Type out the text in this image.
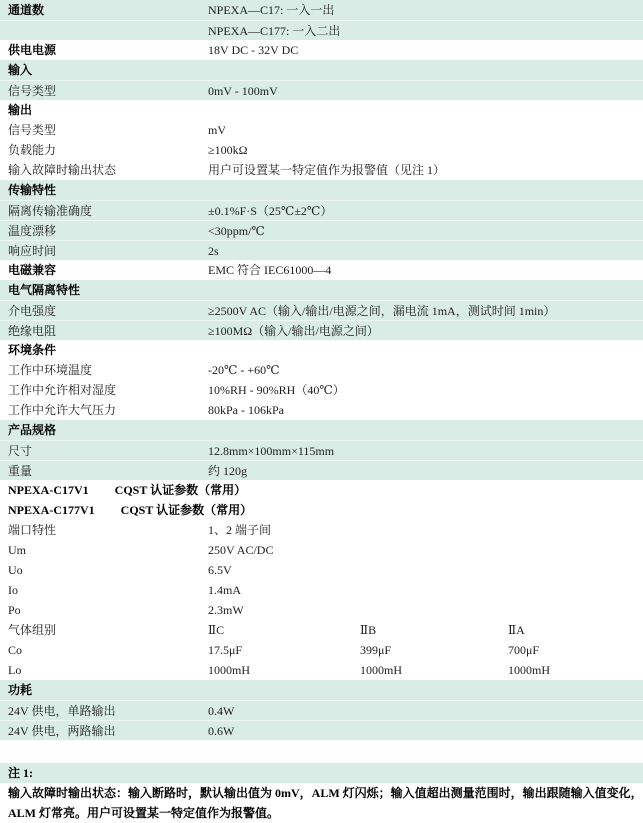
通道数	NPEXA—C17: 一入一出
NPEXA—C177: 一入二出
供电电源	18V DC - 32V DC
输入
信号类型	0mV - 100mV
输出
信号类型	mV
负载能力	≥100kΩ
输入故障时输出状态	用户可设置某一特定值作为报警值（见注 1）
传输特性
隔离传输准确度	±0.1%F·S（25℃±2℃）
温度漂移	<30ppm/℃
响应时间	2s
电磁兼容	EMC 符合 IEC61000—4
电气隔离特性
介电强度	≥2500V AC（输入/输出/电源之间，漏电流 1mA，测试时间 1min）
绝缘电阻	≥100MΩ（输入/输出/电源之间）
环境条件
工作中环境温度	-20℃ - +60℃
工作中允许相对湿度	10%RH - 90%RH（40℃）
工作中允许大气压力	80kPa - 106kPa
产品规格
尺寸	12.8mm×100mm×115mm
重量	约 120g
NPEXA-C17V1 CQST 认证参数（常用）
NPEXA-C177V1 CQST 认证参数（常用）
端口特性	1、2 端子间
Um	250V AC/DC
Uo	6.5V
Io	1.4mA
Po	2.3mW
气体组别	ⅡC	ⅡB	ⅡA
Co	17.5μF	399μF	700μF
Lo	1000mH	1000mH	1000mH
功耗
24V 供电，单路输出	0.4W
24V 供电，两路输出	0.6W
注 1:
输入故障时输出状态：输入断路时，默认输出值为 0mV，ALM 灯闪烁；输入值超出测量范围时，输出跟随输入值变化，
ALM 灯常亮。用户可设置某一特定值作为报警值。
